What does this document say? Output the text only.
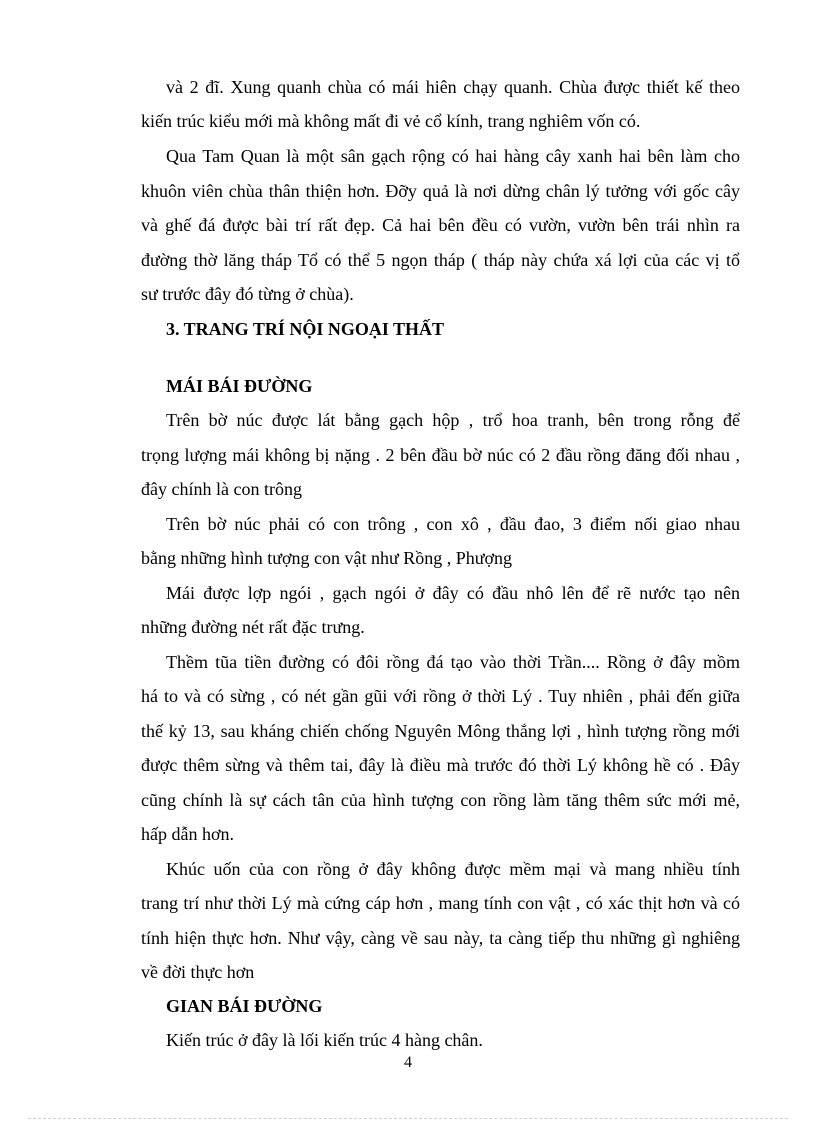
và 2 đĩ. Xung quanh chùa có mái hiên chạy quanh. Chùa được thiết kế theo

kiến trúc kiểu mới mà không mất đi vẻ cổ kính, trang nghiêm vốn có.

Qua Tam Quan là một sân gạch rộng có hai hàng cây xanh hai bên làm cho

khuôn viên chùa thân thiện hơn. Đỡy quả là nơi dừng chân lý tưởng với gốc cây

và ghế đá được bài trí rất đẹp. Cả hai bên đều có vườn, vườn bên trái nhìn ra

đường thờ lăng tháp Tổ có thể 5 ngọn tháp ( tháp này chứa xá lợi của các vị tổ

sư trước đây đó từng ở chùa).

3. TRANG TRÍ NỘI NGOẠI THẤT

MÁI BÁI ĐƯỜNG

Trên bờ núc được lát bằng gạch hộp , trổ hoa tranh, bên trong rỗng để

trọng lượng mái không bị nặng . 2 bên đầu bờ núc có 2 đầu rồng đăng đối nhau ,

đây chính là con trông

Trên bờ núc phải có con trông , con xô , đầu đao, 3 điểm nối giao nhau

bằng những hình tượng con vật như Rồng , Phượng

Mái được lợp ngói , gạch ngói ở đây có đầu nhô lên để rẽ nước tạo nên

những đường nét rất đặc trưng.

Thềm tũa tiền đường có đôi rồng đá tạo vào thời Trần.... Rồng ở đây mồm

há to và có sừng , có nét gần gũi với rồng ở thời Lý . Tuy nhiên , phải đến giữa

thế kỷ 13, sau kháng chiến chống Nguyên Mông thắng lợi , hình tượng rồng mới

được thêm sừng và thêm tai, đây là điều mà trước đó thời Lý không hề có . Đây

cũng chính là sự cách tân của hình tượng con rồng làm tăng thêm sức mới mẻ,

hấp dẫn hơn.

Khúc uốn của con rồng ở đây không được mềm mại và mang nhiều tính

trang trí như thời Lý mà cứng cáp hơn , mang tính con vật , có xác thịt hơn và có

tính hiện thực hơn. Như vậy, càng về sau này, ta càng tiếp thu những gì nghiêng

về đời thực hơn

GIAN BÁI ĐƯỜNG

Kiến trúc ở đây là lối kiến trúc 4 hàng chân.

4
